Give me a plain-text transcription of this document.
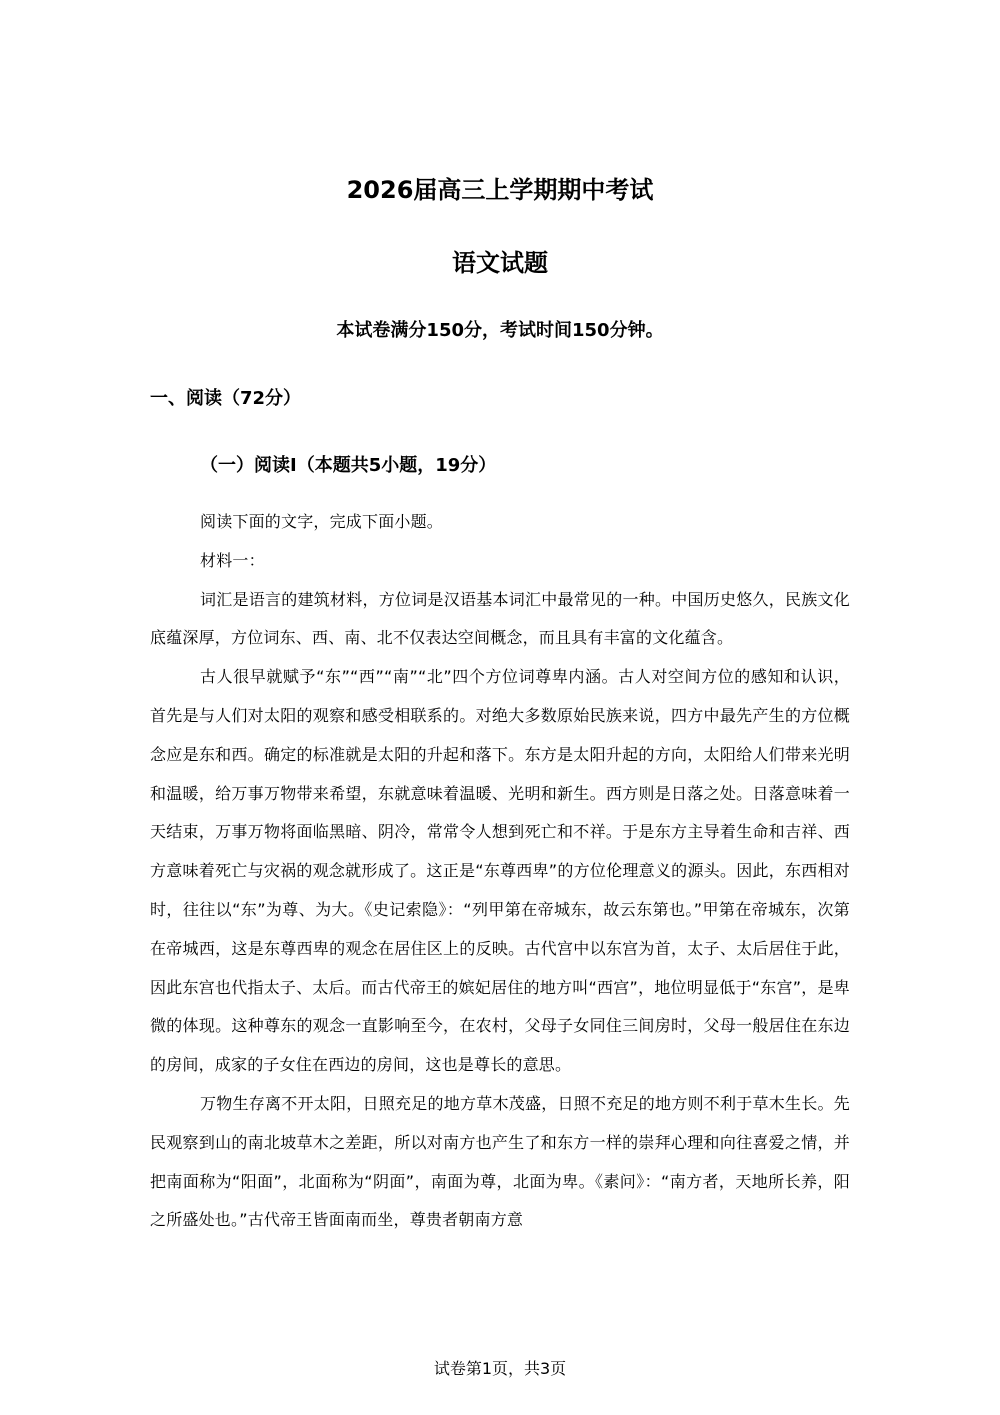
2026届高三上学期期中考试
语文试题
本试卷满分150分，考试时间150分钟。
一、阅读（72分）
（一）阅读Ⅰ（本题共5小题，19分）

阅读下面的文字，完成下面小题。

材料一：

词汇是语言的建筑材料，方位词是汉语基本词汇中最常见的一种。中国历史悠久，民族文化底蕴深厚，方位词东、西、南、北不仅表达空间概念，而且具有丰富的文化蕴含。

古人很早就赋予“东”“西”“南”“北”四个方位词尊卑内涵。古人对空间方位的感知和认识，首先是与人们对太阳的观察和感受相联系的。对绝大多数原始民族来说，四方中最先产生的方位概念应是东和西。确定的标准就是太阳的升起和落下。东方是太阳升起的方向，太阳给人们带来光明和温暖，给万事万物带来希望，东就意味着温暖、光明和新生。西方则是日落之处。日落意味着一天结束，万事万物将面临黑暗、阴冷，常常令人想到死亡和不祥。于是东方主导着生命和吉祥、西方意味着死亡与灾祸的观念就形成了。这正是“东尊西卑”的方位伦理意义的源头。因此，东西相对时，往往以“东”为尊、为大。《史记索隐》：“列甲第在帝城东，故云东第也。”甲第在帝城东，次第在帝城西，这是东尊西卑的观念在居住区上的反映。古代宫中以东宫为首，太子、太后居住于此，因此东宫也代指太子、太后。而古代帝王的嫔妃居住的地方叫“西宫”，地位明显低于“东宫”，是卑微的体现。这种尊东的观念一直影响至今，在农村，父母子女同住三间房时，父母一般居住在东边的房间，成家的子女住在西边的房间，这也是尊长的意思。

万物生存离不开太阳，日照充足的地方草木茂盛，日照不充足的地方则不利于草木生长。先民观察到山的南北坡草木之差距，所以对南方也产生了和东方一样的崇拜心理和向往喜爱之情，并把南面称为“阳面”，北面称为“阴面”，南面为尊，北面为卑。《素问》：“南方者，天地所长养，阳之所盛处也。”古代帝王皆面南而坐，尊贵者朝南方意

试卷第1页，共3页
